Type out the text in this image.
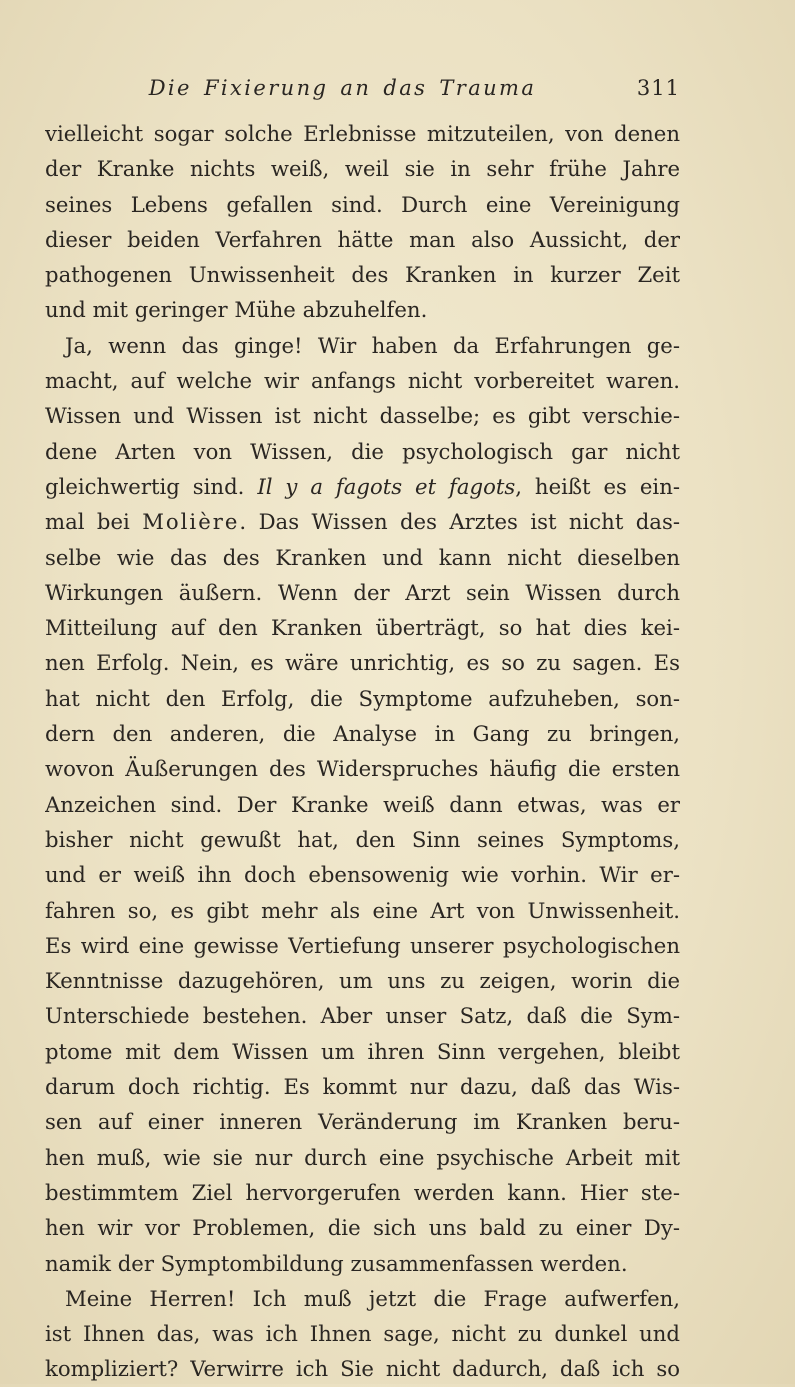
Die Fixierung an das Trauma	311
vielleicht sogar solche Erlebnisse mitzuteilen, von denen
der Kranke nichts weiß, weil sie in sehr frühe Jahre
seines Lebens gefallen sind. Durch eine Vereinigung
dieser beiden Verfahren hätte man also Aussicht, der
pathogenen Unwissenheit des Kranken in kurzer Zeit
und mit geringer Mühe abzuhelfen.
Ja, wenn das ginge! Wir haben da Erfahrungen ge-
macht, auf welche wir anfangs nicht vorbereitet waren.
Wissen und Wissen ist nicht dasselbe; es gibt verschie-
dene Arten von Wissen, die psychologisch gar nicht
gleichwertig sind. Il y a fagots et fagots, heißt es ein-
mal bei Molière. Das Wissen des Arztes ist nicht das-
selbe wie das des Kranken und kann nicht dieselben
Wirkungen äußern. Wenn der Arzt sein Wissen durch
Mitteilung auf den Kranken überträgt, so hat dies kei-
nen Erfolg. Nein, es wäre unrichtig, es so zu sagen. Es
hat nicht den Erfolg, die Symptome aufzuheben, son-
dern den anderen, die Analyse in Gang zu bringen,
wovon Äußerungen des Widerspruches häufig die ersten
Anzeichen sind. Der Kranke weiß dann etwas, was er
bisher nicht gewußt hat, den Sinn seines Symptoms,
und er weiß ihn doch ebensowenig wie vorhin. Wir er-
fahren so, es gibt mehr als eine Art von Unwissenheit.
Es wird eine gewisse Vertiefung unserer psychologischen
Kenntnisse dazugehören, um uns zu zeigen, worin die
Unterschiede bestehen. Aber unser Satz, daß die Sym-
ptome mit dem Wissen um ihren Sinn vergehen, bleibt
darum doch richtig. Es kommt nur dazu, daß das Wis-
sen auf einer inneren Veränderung im Kranken beru-
hen muß, wie sie nur durch eine psychische Arbeit mit
bestimmtem Ziel hervorgerufen werden kann. Hier ste-
hen wir vor Problemen, die sich uns bald zu einer Dy-
namik der Symptombildung zusammenfassen werden.
Meine Herren! Ich muß jetzt die Frage aufwerfen,
ist Ihnen das, was ich Ihnen sage, nicht zu dunkel und
kompliziert? Verwirre ich Sie nicht dadurch, daß ich so
